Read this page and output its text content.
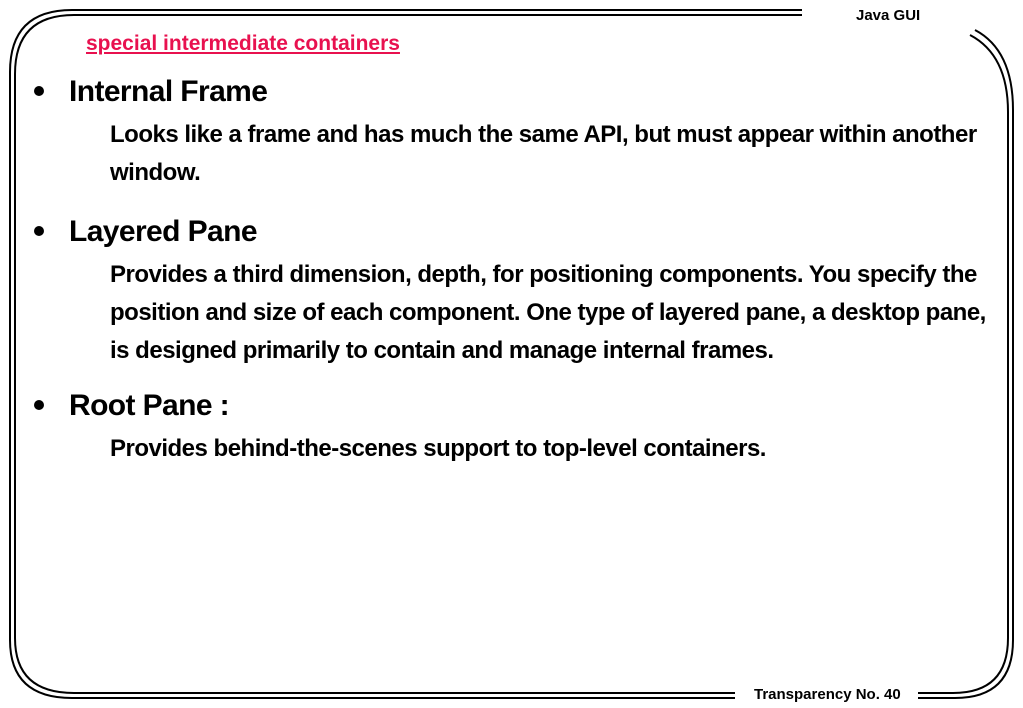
Java GUI
special intermediate containers
Internal Frame
Looks like a frame and has much the same API, but must appear within another window.
Layered Pane
Provides a third dimension, depth, for positioning components. You specify the position and size of each component. One type of layered pane, a desktop pane, is designed primarily to contain and manage internal frames.
Root Pane :
Provides behind-the-scenes support to top-level containers.
Transparency No. 40
